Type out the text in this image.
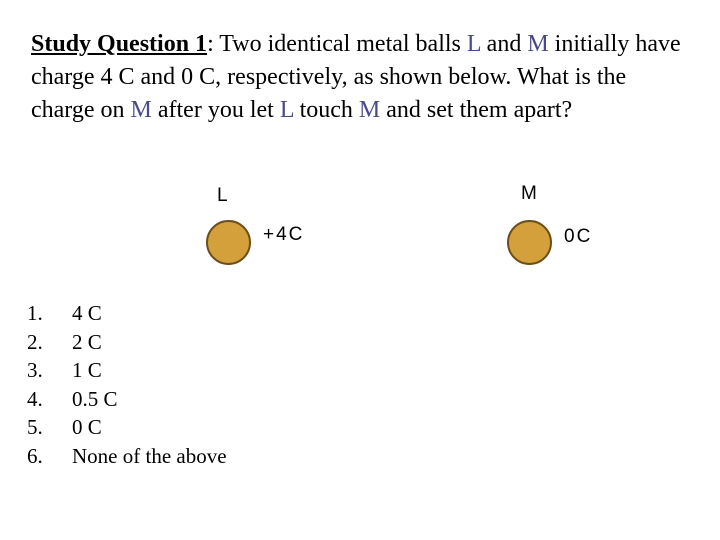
Study Question 1: Two identical metal balls L and M initially have charge 4 C and 0 C, respectively, as shown below. What is the charge on M after you let L touch M and set them apart?

L	M
+4C	0C
1.	4 C
2.	2 C
3.	1 C
4.	0.5 C
5.	0 C
6.	None of the above
